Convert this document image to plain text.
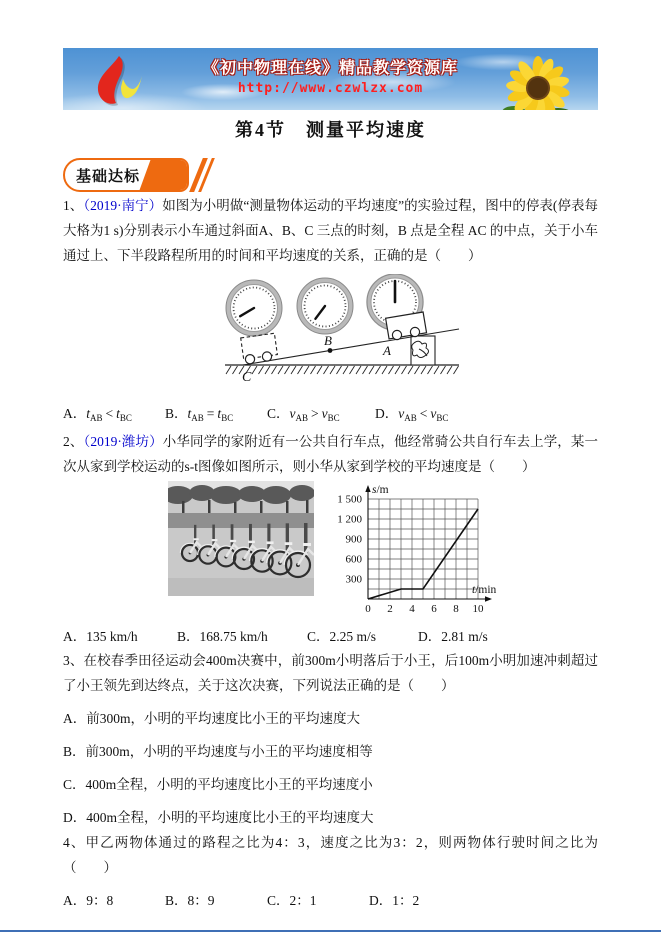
《初中物理在线》精品教学资源库
http://www.czwlzx.com
第4节　测量平均速度
基础达标

1、（2019·南宁）如图为小明做“测量物体运动的平均速度”的实验过程，图中的停表(停表每大格为1 s)分别表示小车通过斜面A、B、C 三点的时刻，B 点是全程 AC 的中点，关于小车通过上、下半段路程所用的时间和平均速度的关系，正确的是（　　）

B
A
C
A．$t_{AB} < t_{BC}$	B．$t_{AB} = t_{BC}$	C．$v_{AB} > v_{BC}$	D．$v_{AB} < v_{BC}$

2、（2019·潍坊）小华同学的家附近有一公共自行车点，他经常骑公共自行车去上学，某一次从家到学校运动的s-t图像如图所示，则小华从家到学校的平均速度是（　　）

300
600
900
1 200
1 500
0 2 4 6 8 10
s/m
t/min
A．135 km/h	B．168.75 km/h	C．2.25 m/s	D．2.81 m/s

3、在校春季田径运动会400m决赛中，前300m小明落后于小王，后100m小明加速冲刺超过了小王领先到达终点，关于这次决赛，下列说法正确的是（　　）

A．前300m，小明的平均速度比小王的平均速度大
B．前300m，小明的平均速度与小王的平均速度相等
C．400m全程，小明的平均速度比小王的平均速度小
D．400m全程，小明的平均速度比小王的平均速度大

4、甲乙两物体通过的路程之比为4：3，速度之比为3：2，则两物体行驶时间之比为（　　）

A．9：8	B．8：9	C．2：1	D．1：2
